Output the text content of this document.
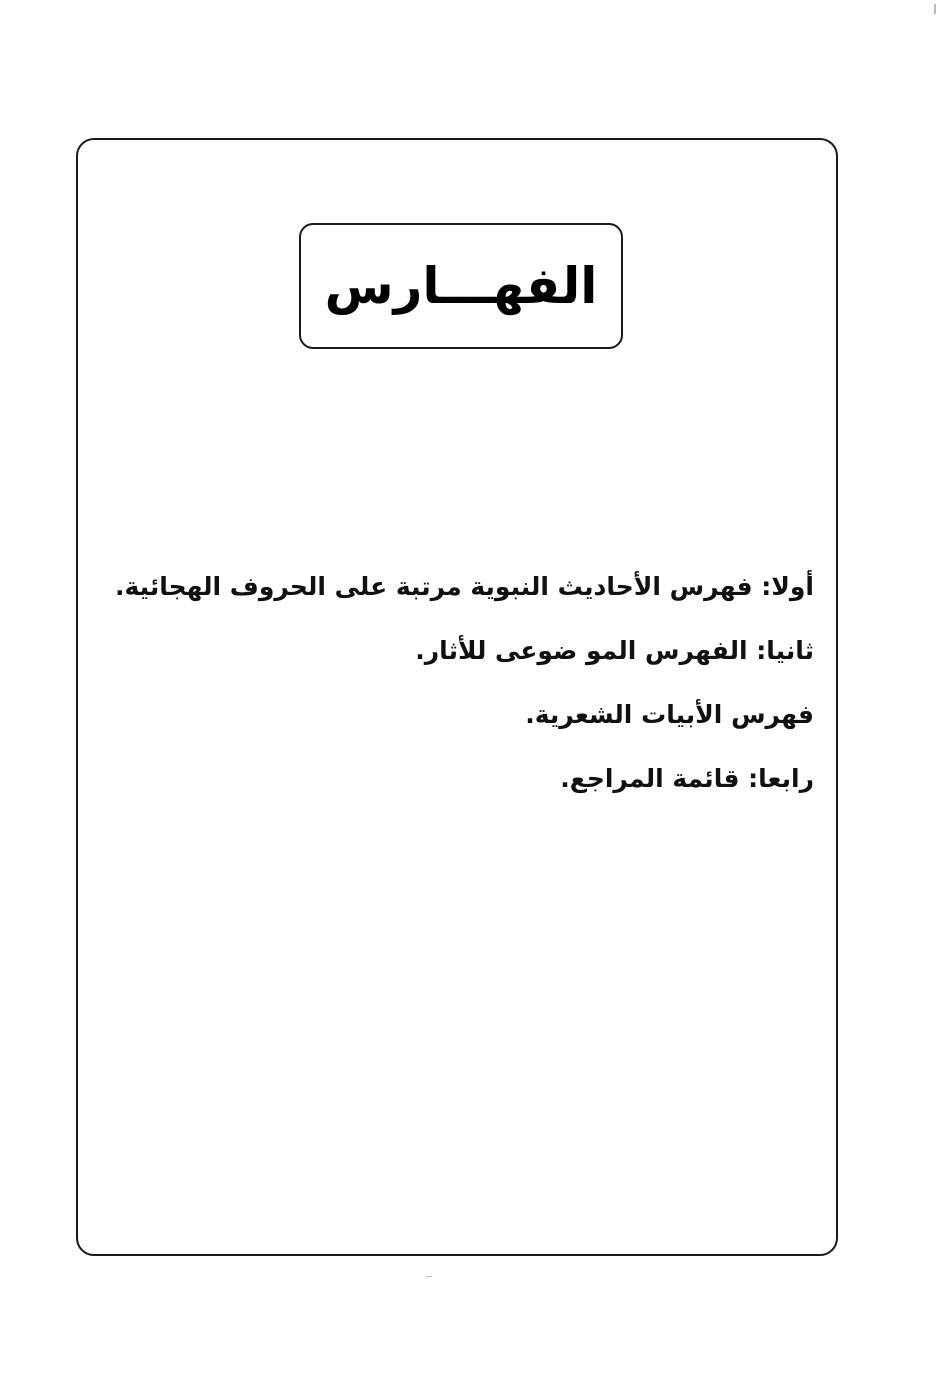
الفهـــارس
أولا: فهرس الأحاديث النبوية مرتبة على الحروف الهجائية.
ثانيا: الفهرس المو ضوعى للأثار.
فهرس الأبيات الشعرية.
رابعا: قائمة المراجع.
